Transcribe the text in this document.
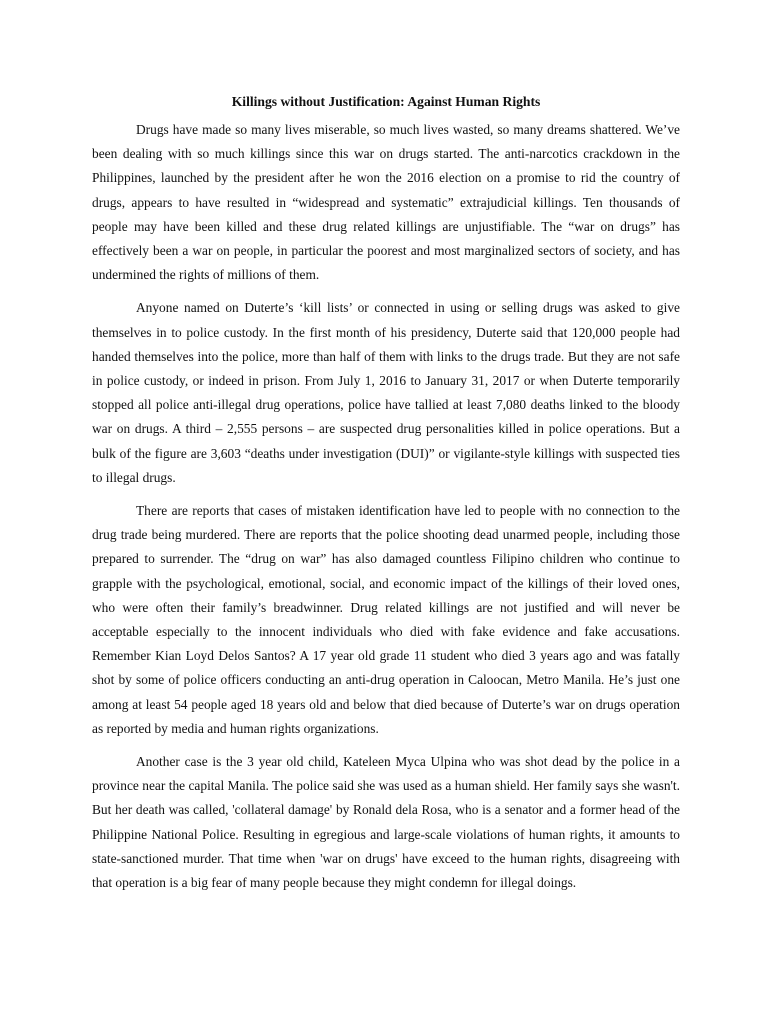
Killings without Justification: Against Human Rights

Drugs have made so many lives miserable, so much lives wasted, so many dreams shattered. We’ve been dealing with so much killings since this war on drugs started. The anti-narcotics crackdown in the Philippines, launched by the president after he won the 2016 election on a promise to rid the country of drugs, appears to have resulted in “widespread and systematic” extrajudicial killings. Ten thousands of people may have been killed and these drug related killings are unjustifiable. The “war on drugs” has effectively been a war on people, in particular the poorest and most marginalized sectors of society, and has undermined the rights of millions of them.

Anyone named on Duterte’s ‘kill lists’ or connected in using or selling drugs was asked to give themselves in to police custody. In the first month of his presidency, Duterte said that 120,000 people had handed themselves into the police, more than half of them with links to the drugs trade. But they are not safe in police custody, or indeed in prison. From July 1, 2016 to January 31, 2017 or when Duterte temporarily stopped all police anti-illegal drug operations, police have tallied at least 7,080 deaths linked to the bloody war on drugs. A third – 2,555 persons – are suspected drug personalities killed in police operations. But a bulk of the figure are 3,603 “deaths under investigation (DUI)” or vigilante-style killings with suspected ties to illegal drugs.

There are reports that cases of mistaken identification have led to people with no connection to the drug trade being murdered. There are reports that the police shooting dead unarmed people, including those prepared to surrender. The “drug on war” has also damaged countless Filipino children who continue to grapple with the psychological, emotional, social, and economic impact of the killings of their loved ones, who were often their family’s breadwinner. Drug related killings are not justified and will never be acceptable especially to the innocent individuals who died with fake evidence and fake accusations. Remember Kian Loyd Delos Santos? A 17 year old grade 11 student who died 3 years ago and was fatally shot by some of police officers conducting an anti-drug operation in Caloocan, Metro Manila. He’s just one among at least 54 people aged 18 years old and below that died because of Duterte’s war on drugs operation as reported by media and human rights organizations.

Another case is the 3 year old child, Kateleen Myca Ulpina who was shot dead by the police in a province near the capital Manila. The police said she was used as a human shield. Her family says she wasn't. But her death was called, 'collateral damage' by Ronald dela Rosa, who is a senator and a former head of the Philippine National Police. Resulting in egregious and large-scale violations of human rights, it amounts to state-sanctioned murder. That time when 'war on drugs' have exceed to the human rights, disagreeing with that operation is a big fear of many people because they might condemn for illegal doings.
